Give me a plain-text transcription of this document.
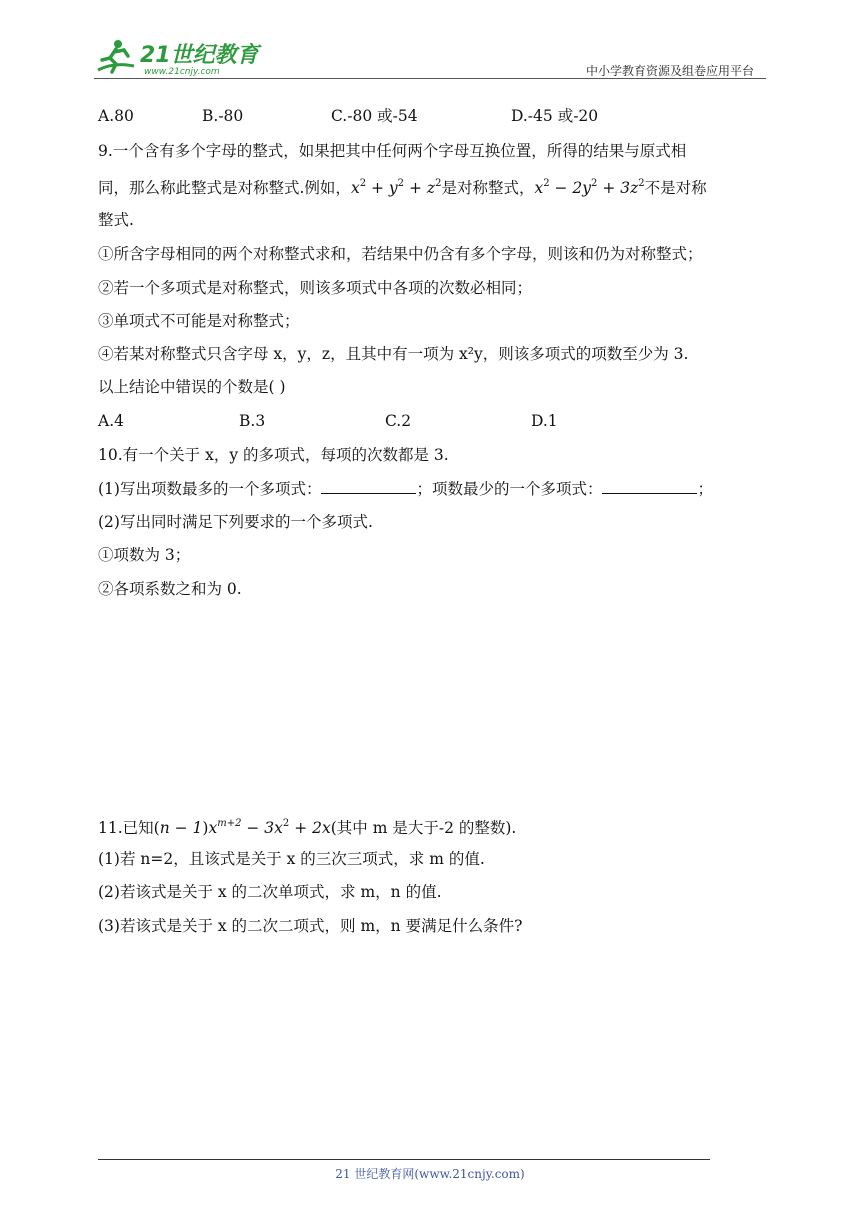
21世纪教育
www.21cnjy.com	中小学教育资源及组卷应用平台
A.80	B.-80	C.-80 或-54	D.-45 或-20
9.一个含有多个字母的整式，如果把其中任何两个字母互换位置，所得的结果与原式相
同，那么称此整式是对称整式.例如，$x^2 + y^2 + z^2$是对称整式，$x^2 - 2y^2 + 3z^2$不是对称
整式.
①所含字母相同的两个对称整式求和，若结果中仍含有多个字母，则该和仍为对称整式；
②若一个多项式是对称整式，则该多项式中各项的次数必相同；
③单项式不可能是对称整式；
④若某对称整式只含字母 x，y，z，且其中有一项为 x²y，则该多项式的项数至少为 3.
以上结论中错误的个数是( )
A.4	B.3	C.2	D.1
10.有一个关于 x，y 的多项式，每项的次数都是 3.
(1)写出项数最多的一个多项式：	；项数最少的一个多项式：	；
(2)写出同时满足下列要求的一个多项式.
①项数为 3；
②各项系数之和为 0.
11.已知$(n - 1)x^{m+2} - 3x^2 + 2x$(其中 m 是大于-2 的整数).
(1)若 n=2，且该式是关于 x 的三次三项式，求 m 的值.
(2)若该式是关于 x 的二次单项式，求 m，n 的值.
(3)若该式是关于 x 的二次二项式，则 m，n 要满足什么条件?
21 世纪教育网(www.21cnjy.com)
